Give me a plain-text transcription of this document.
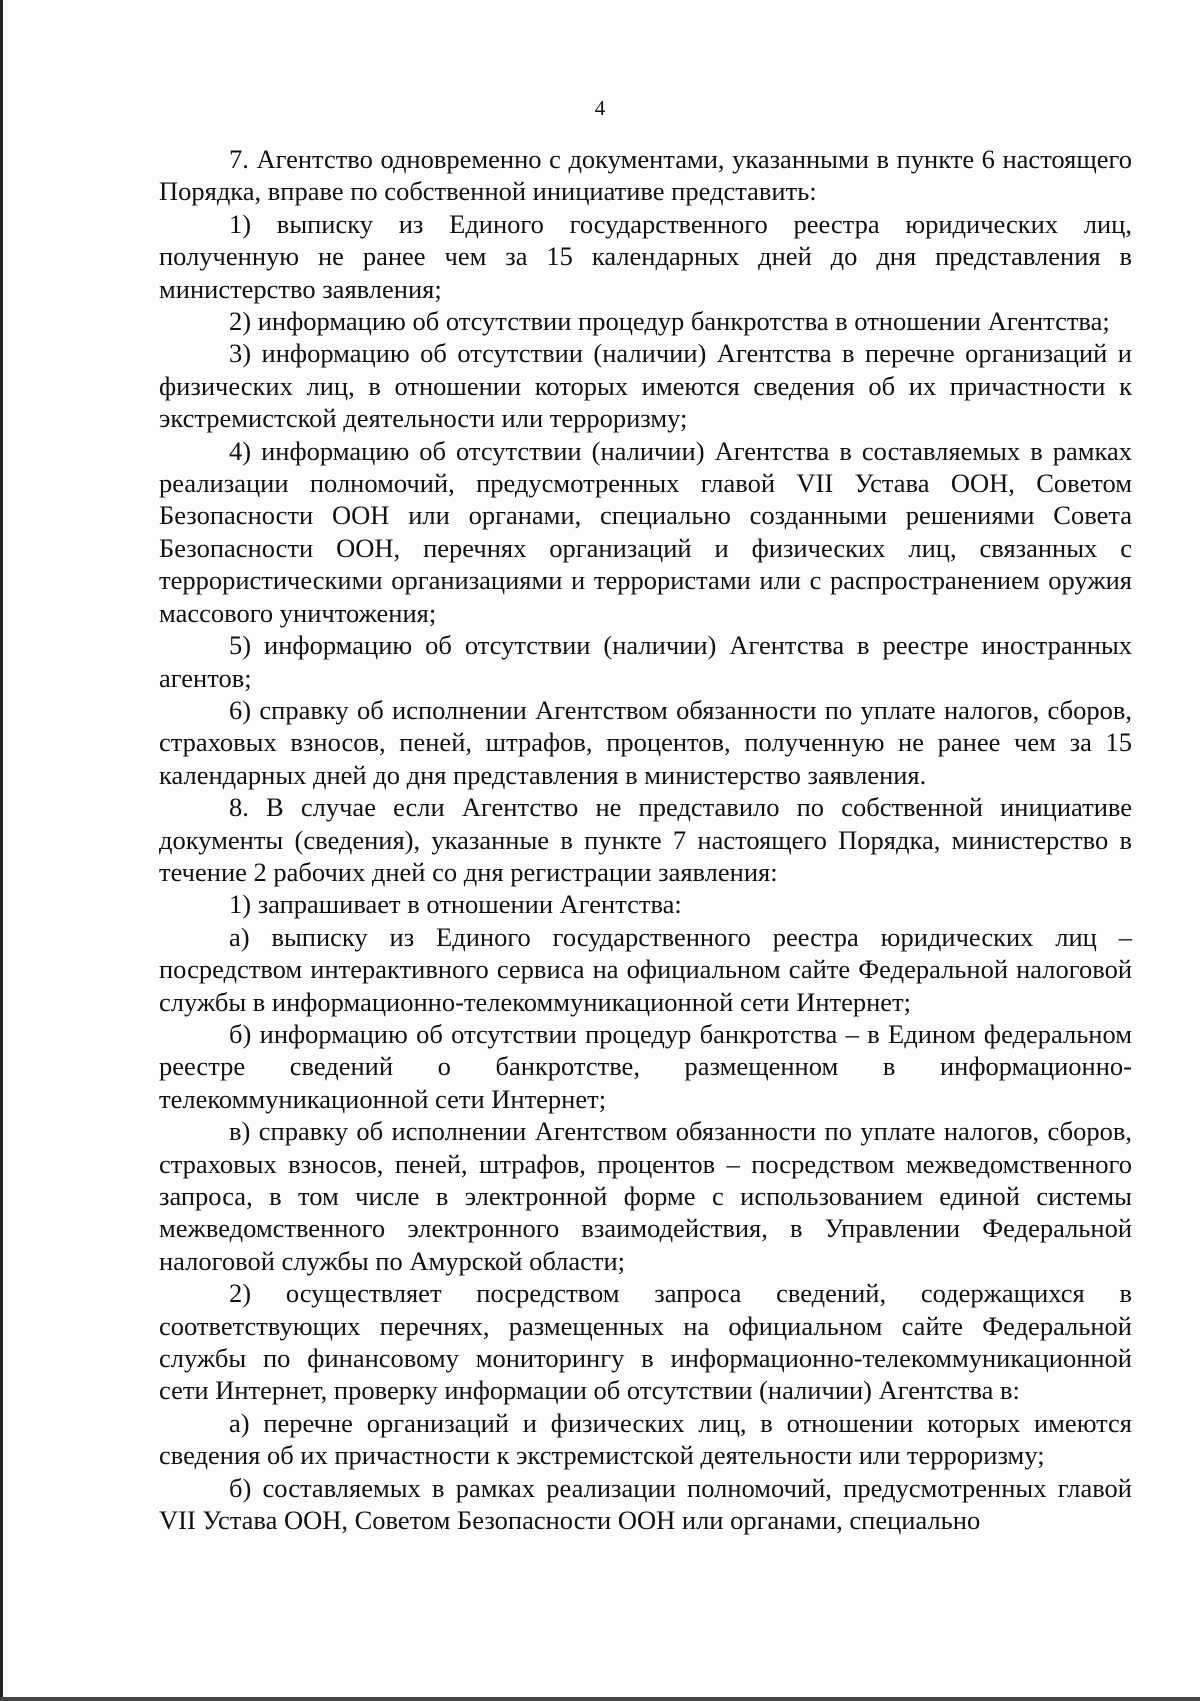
4

7. Агентство одновременно с документами, указанными в пункте 6 настоящего Порядка, вправе по собственной инициативе представить:

1) выписку из Единого государственного реестра юридических лиц, полученную не ранее чем за 15 календарных дней до дня представления в министерство заявления;

2) информацию об отсутствии процедур банкротства в отношении Агентства;

3) информацию об отсутствии (наличии) Агентства в перечне организаций и физических лиц, в отношении которых имеются сведения об их причастности к экстремистской деятельности или терроризму;

4) информацию об отсутствии (наличии) Агентства в составляемых в рамках реализации полномочий, предусмотренных главой VII Устава ООН, Советом Безопасности ООН или органами, специально созданными решениями Совета Безопасности ООН, перечнях организаций и физических лиц, связанных с террористическими организациями и террористами или с распространением оружия массового уничтожения;

5) информацию об отсутствии (наличии) Агентства в реестре иностранных агентов;

6) справку об исполнении Агентством обязанности по уплате налогов, сборов, страховых взносов, пеней, штрафов, процентов, полученную не ранее чем за 15 календарных дней до дня представления в министерство заявления.

8. В случае если Агентство не представило по собственной инициативе документы (сведения), указанные в пункте 7 настоящего Порядка, министерство в течение 2 рабочих дней со дня регистрации заявления:

1) запрашивает в отношении Агентства:

а) выписку из Единого государственного реестра юридических лиц – посредством интерактивного сервиса на официальном сайте Федеральной налоговой службы в информационно-телекоммуникационной сети Интернет;

б) информацию об отсутствии процедур банкротства – в Едином федеральном реестре сведений о банкротстве, размещенном в информационно-телекоммуникационной сети Интернет;

в) справку об исполнении Агентством обязанности по уплате налогов, сборов, страховых взносов, пеней, штрафов, процентов – посредством межведомственного запроса, в том числе в электронной форме с использованием единой системы межведомственного электронного взаимодействия, в Управлении Федеральной налоговой службы по Амурской области;

2) осуществляет посредством запроса сведений, содержащихся в соответствующих перечнях, размещенных на официальном сайте Федеральной службы по финансовому мониторингу в информационно-телекоммуникационной сети Интернет, проверку информации об отсутствии (наличии) Агентства в:

а) перечне организаций и физических лиц, в отношении которых имеются сведения об их причастности к экстремистской деятельности или терроризму;

б) составляемых в рамках реализации полномочий, предусмотренных главой VII Устава ООН, Советом Безопасности ООН или органами, специально
